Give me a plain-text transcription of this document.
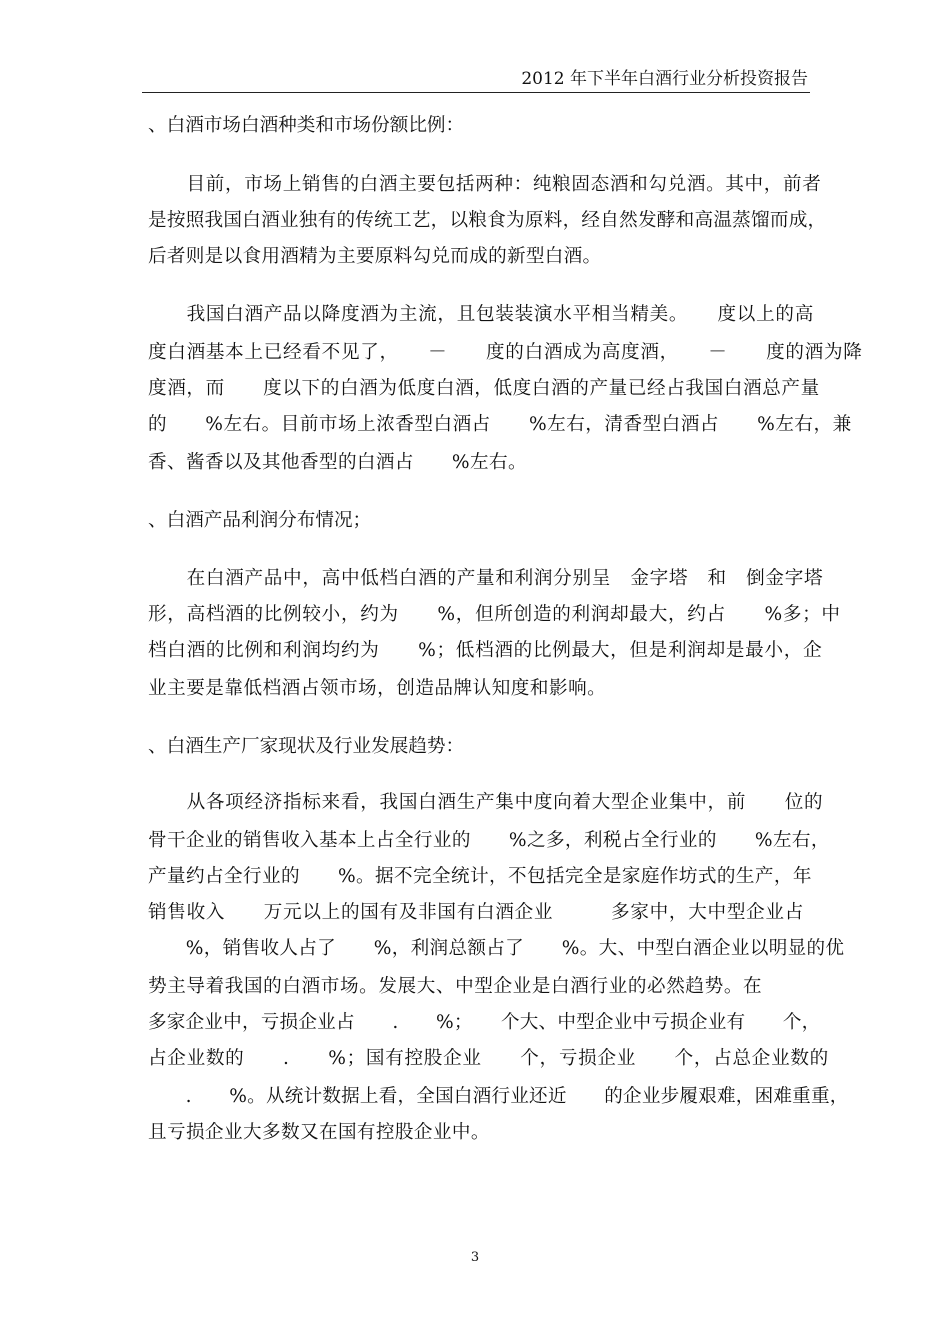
2012 年下半年白酒行业分析投资报告
、白酒市场白酒种类和市场份额比例：
　　目前，市场上销售的白酒主要包括两种：纯粮固态酒和勾兑酒。其中，前者
是按照我国白酒业独有的传统工艺，以粮食为原料，经自然发酵和高温蒸馏而成，
后者则是以食用酒精为主要原料勾兑而成的新型白酒。
　　我国白酒产品以降度酒为主流，且包装装演水平相当精美。　　度以上的高
度白酒基本上已经看不见了，　　－　　度的白酒成为高度酒，　　－　　度的酒为降
度酒，而　　度以下的白酒为低度白酒，低度白酒的产量已经占我国白酒总产量
的　　%左右。目前市场上浓香型白酒占　　%左右，清香型白酒占　　%左右，兼
香、酱香以及其他香型的白酒占　　%左右。
、白酒产品利润分布情况；
　　在白酒产品中，高中低档白酒的产量和利润分别呈　金字塔　和　倒金字塔
形，高档酒的比例较小，约为　　%，但所创造的利润却最大，约占　　%多；中
档白酒的比例和利润均约为　　%；低档酒的比例最大，但是利润却是最小，企
业主要是靠低档酒占领市场，创造品牌认知度和影响。
、白酒生产厂家现状及行业发展趋势：
　　从各项经济指标来看，我国白酒生产集中度向着大型企业集中，前　　位的
骨干企业的销售收入基本上占全行业的　　%之多，利税占全行业的　　%左右，
产量约占全行业的　　%。据不完全统计，不包括完全是家庭作坊式的生产，年
销售收入　　万元以上的国有及非国有白酒企业　　　多家中，大中型企业占
　　%，销售收人占了　　%，利润总额占了　　%。大、中型白酒企业以明显的优
势主导着我国的白酒市场。发展大、中型企业是白酒行业的必然趋势。在
多家企业中，亏损企业占　　.　　%；　　个大、中型企业中亏损企业有　　个，
占企业数的　　.　　%；国有控股企业　　个，亏损企业　　个，占总企业数的
　　.　　%。从统计数据上看，全国白酒行业还近　　的企业步履艰难，困难重重，
且亏损企业大多数又在国有控股企业中。
3
